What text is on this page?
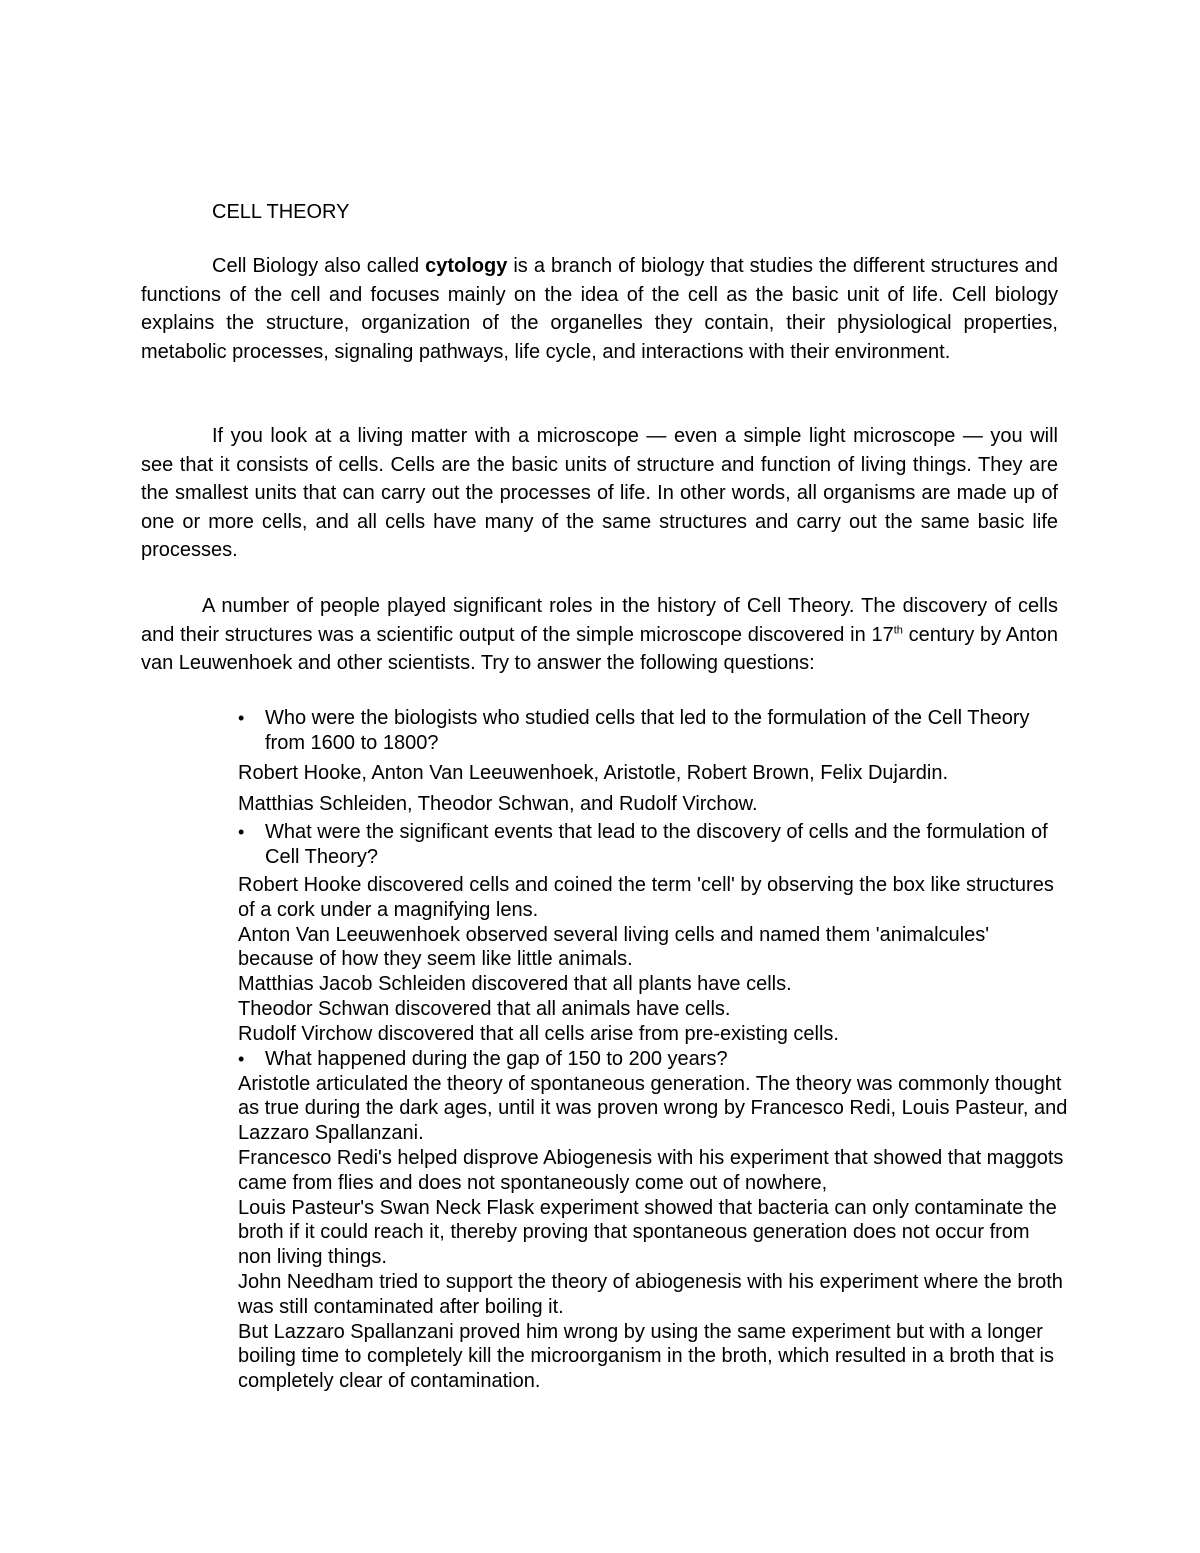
CELL THEORY

Cell Biology also called cytology is a branch of biology that studies the different structures and functions of the cell and focuses mainly on the idea of the cell as the basic unit of life. Cell biology explains the structure, organization of the organelles they contain, their physiological properties, metabolic processes, signaling pathways, life cycle, and interactions with their environment.

If you look at a living matter with a microscope — even a simple light microscope — you will see that it consists of cells. Cells are the basic units of structure and function of living things. They are the smallest units that can carry out the processes of life. In other words, all organisms are made up of one or more cells, and all cells have many of the same structures and carry out the same basic life processes.

A number of people played significant roles in the history of Cell Theory. The discovery of cells and their structures was a scientific output of the simple microscope discovered in 17th century by Anton van Leuwenhoek and other scientists. Try to answer the following questions:

• Who were the biologists who studied cells that led to the formulation of the Cell Theory from 1600 to 1800?
Robert Hooke, Anton Van Leeuwenhoek, Aristotle, Robert Brown, Felix Dujardin.
Matthias Schleiden, Theodor Schwan, and Rudolf Virchow.
• What were the significant events that lead to the discovery of cells and the formulation of Cell Theory?
Robert Hooke discovered cells and coined the term 'cell' by observing the box like structures of a cork under a magnifying lens.
Anton Van Leeuwenhoek observed several living cells and named them 'animalcules' because of how they seem like little animals.
Matthias Jacob Schleiden discovered that all plants have cells.
Theodor Schwan discovered that all animals have cells.
Rudolf Virchow discovered that all cells arise from pre-existing cells.
• What happened during the gap of 150 to 200 years?
Aristotle articulated the theory of spontaneous generation. The theory was commonly thought as true during the dark ages, until it was proven wrong by Francesco Redi, Louis Pasteur, and Lazzaro Spallanzani.
Francesco Redi's helped disprove Abiogenesis with his experiment that showed that maggots came from flies and does not spontaneously come out of nowhere,
Louis Pasteur's Swan Neck Flask experiment showed that bacteria can only contaminate the broth if it could reach it, thereby proving that spontaneous generation does not occur from non living things.
John Needham tried to support the theory of abiogenesis with his experiment where the broth was still contaminated after boiling it.
But Lazzaro Spallanzani proved him wrong by using the same experiment but with a longer boiling time to completely kill the microorganism in the broth, which resulted in a broth that is completely clear of contamination.
